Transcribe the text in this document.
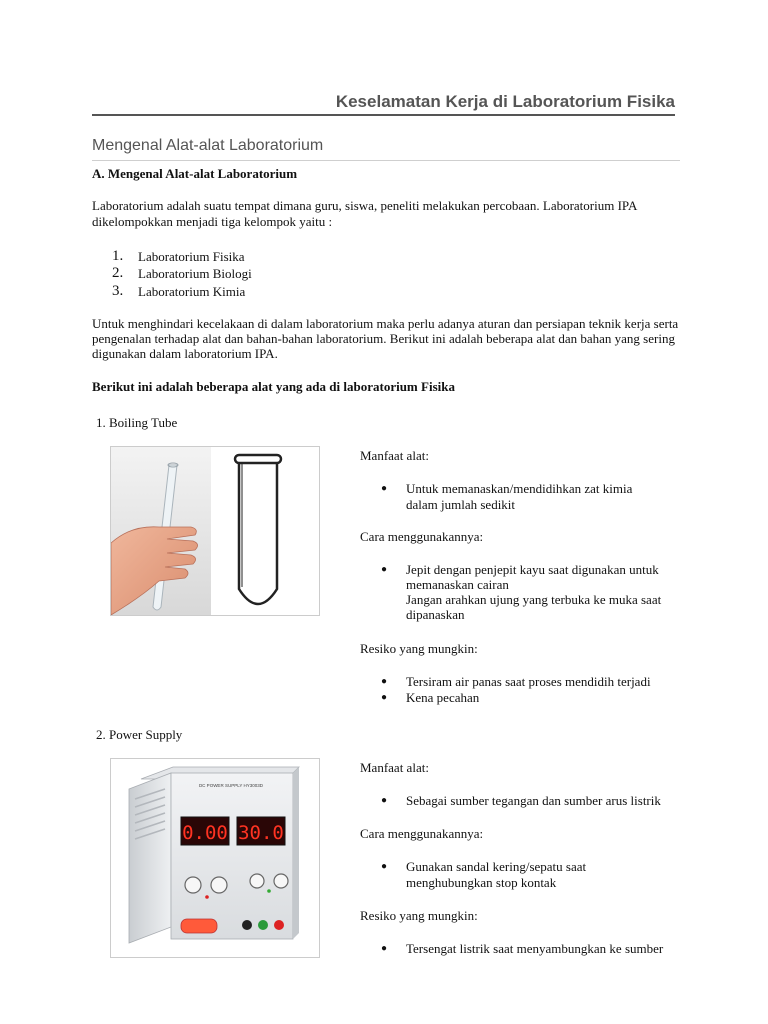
Keselamatan Kerja di Laboratorium Fisika
Mengenal Alat-alat Laboratorium
A. Mengenal Alat-alat Laboratorium
Laboratorium adalah suatu tempat dimana guru, siswa, peneliti melakukan percobaan. Laboratorium IPA
dikelompokkan menjadi tiga kelompok yaitu :
1. Laboratorium Fisika
2. Laboratorium Biologi
3. Laboratorium Kimia
Untuk menghindari kecelakaan di dalam laboratorium maka perlu adanya aturan dan persiapan teknik kerja serta
pengenalan terhadap alat dan bahan-bahan laboratorium. Berikut ini adalah beberapa alat dan bahan yang sering
digunakan dalam laboratorium IPA.
Berikut ini adalah beberapa alat yang ada di laboratorium Fisika
1. Boiling Tube
Manfaat alat:
● Untuk memanaskan/mendidihkan zat kimia
dalam jumlah sedikit
Cara menggunakannya:
● Jepit dengan penjepit kayu saat digunakan untuk
memanaskan cairan
Jangan arahkan ujung yang terbuka ke muka saat
dipanaskan
Resiko yang mungkin:
● Tersiram air panas saat proses mendidih terjadi
● Kena pecahan
2. Power Supply
DC POWER SUPPLY HY3003D
0.00 30.0
Manfaat alat:
● Sebagai sumber tegangan dan sumber arus listrik
Cara menggunakannya:
● Gunakan sandal kering/sepatu saat
menghubungkan stop kontak
Resiko yang mungkin:
● Tersengat listrik saat menyambungkan ke sumber
